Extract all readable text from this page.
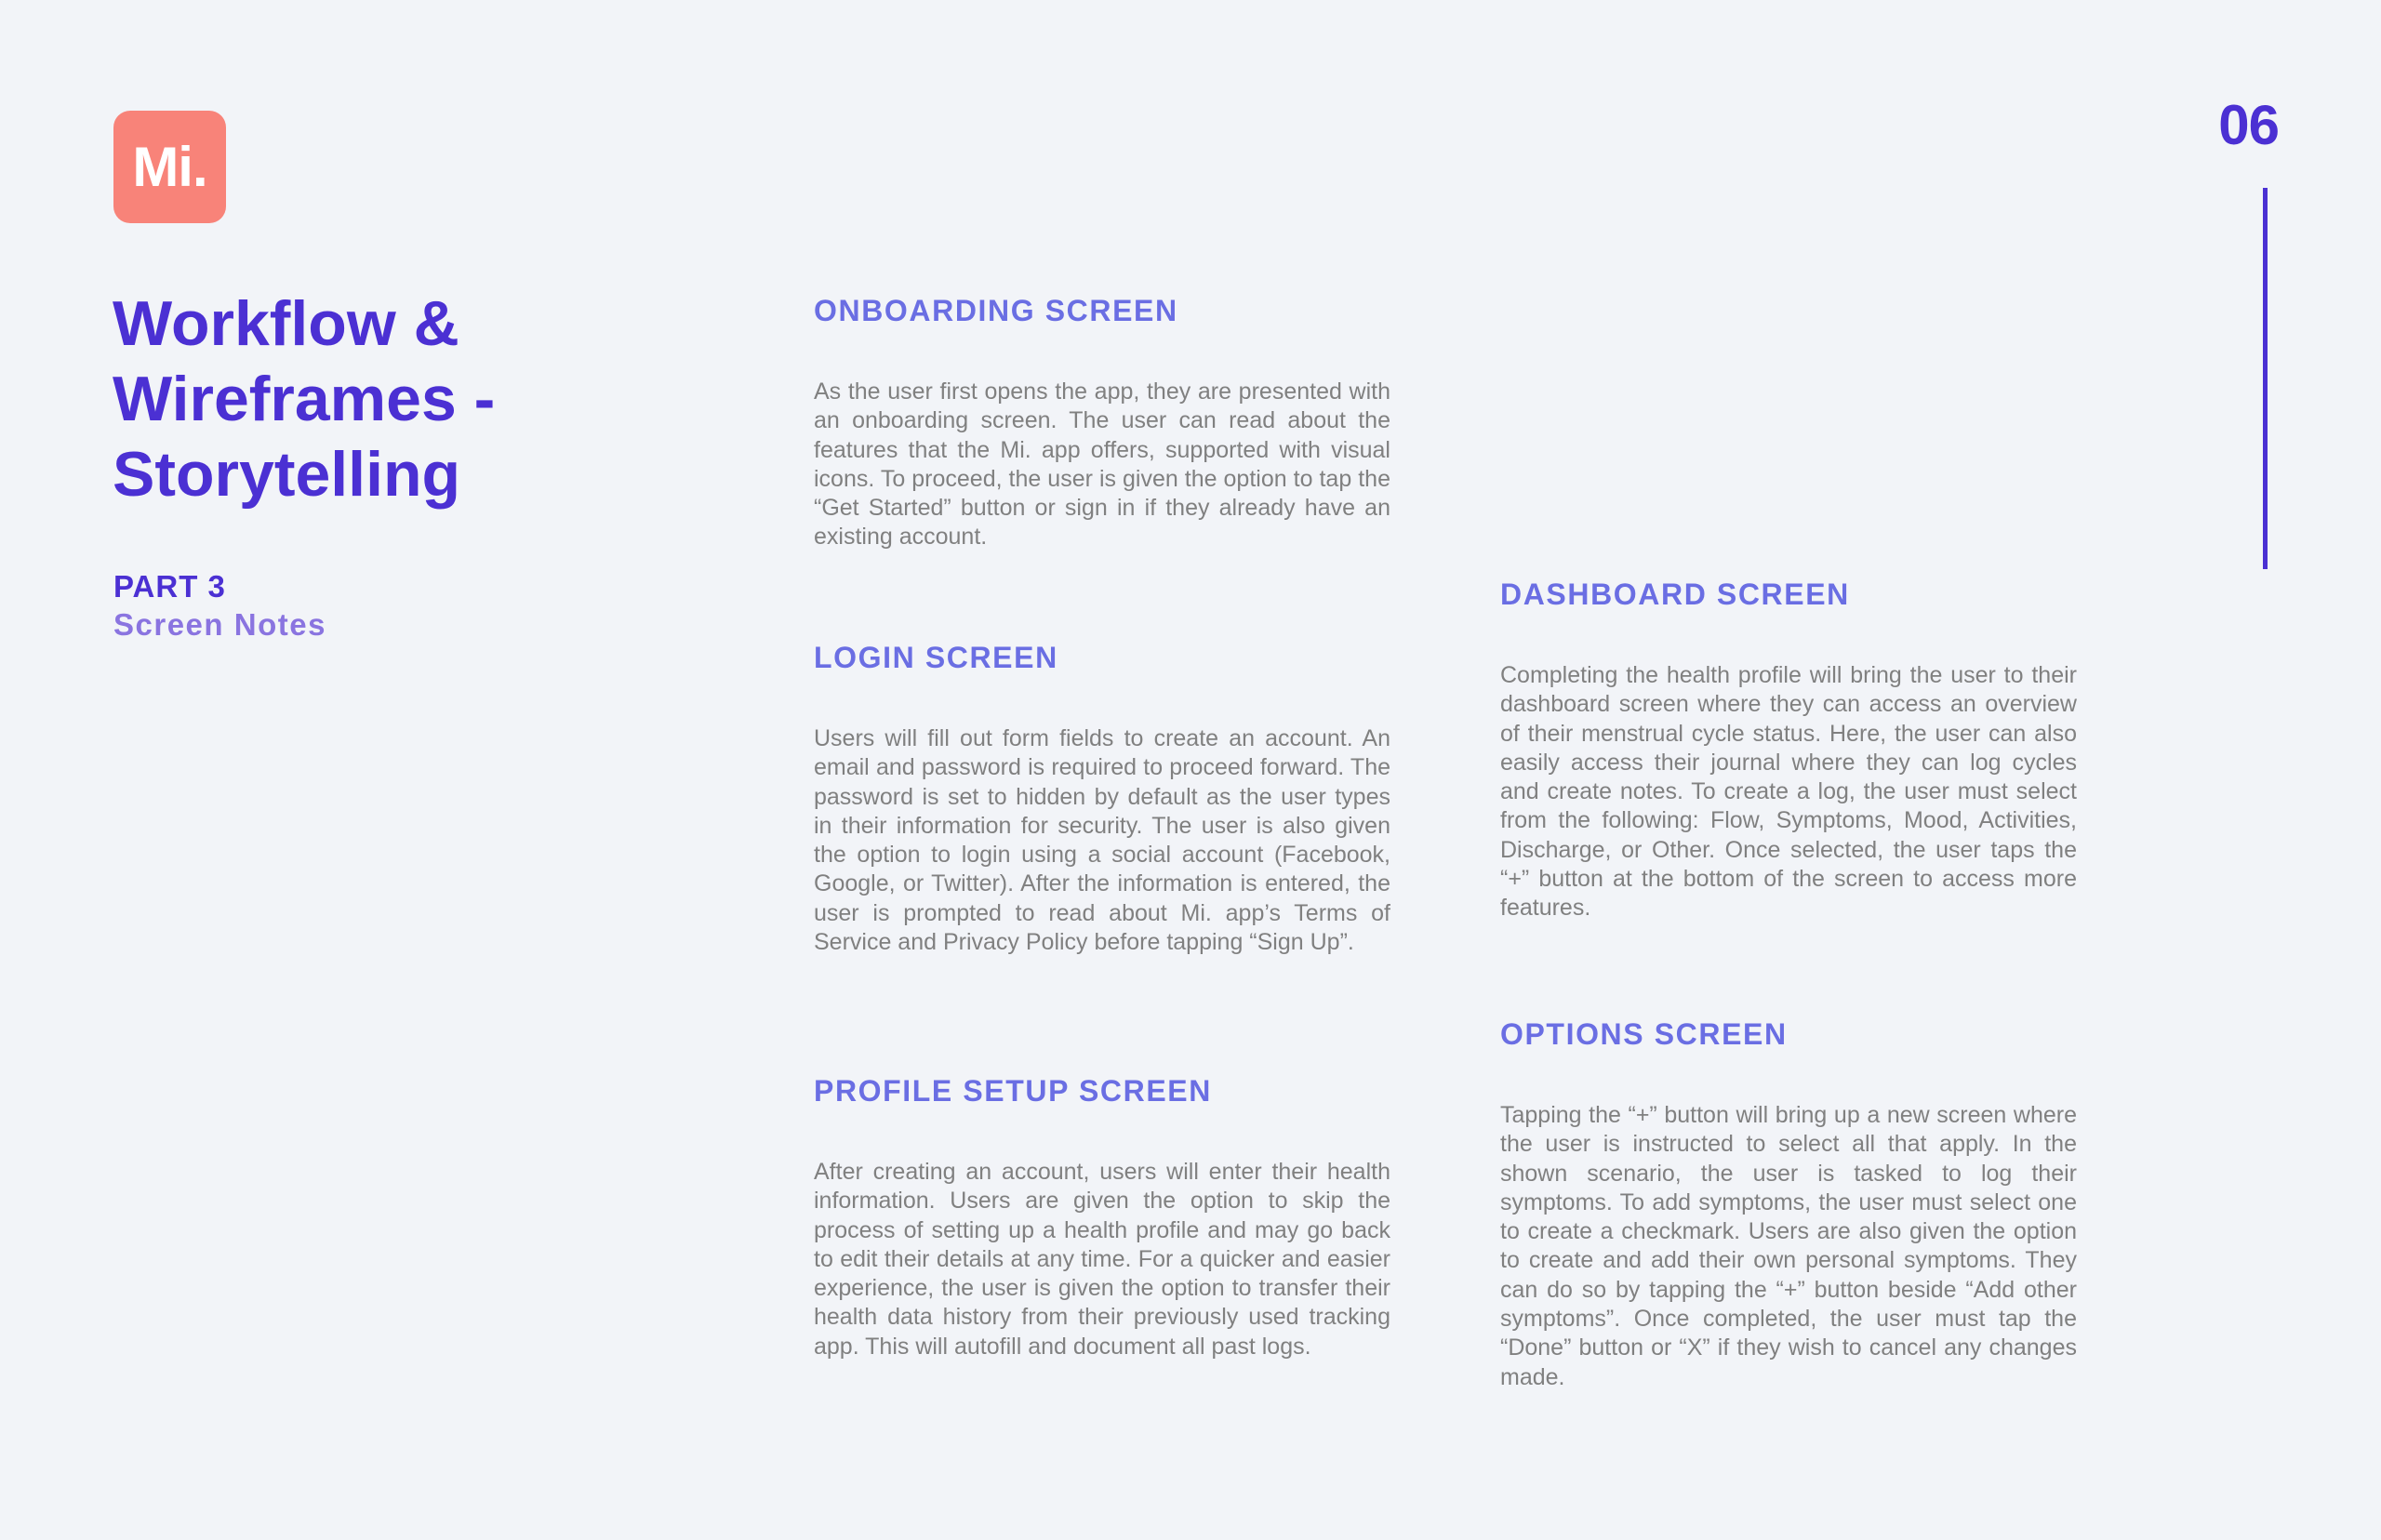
Mi.
06
Workflow & Wireframes - Storytelling
PART 3
Screen Notes
ONBOARDING SCREEN

As the user first opens the app, they are presented with an onboarding screen. The user can read about the features that the Mi. app offers, supported with visual icons. To proceed, the user is given the option to tap the “Get Started” button or sign in if they already have an existing account.

LOGIN SCREEN

Users will fill out form fields to create an account. An email and password is required to proceed forward. The password is set to hidden by default as the user types in their information for security. The user is also given the option to login using a social account (Facebook, Google, or Twitter). After the information is entered, the user is prompted to read about Mi. app’s Terms of Service and Privacy Policy before tapping “Sign Up”.

PROFILE SETUP SCREEN

After creating an account, users will enter their health information. Users are given the option to skip the process of setting up a health profile and may go back to edit their details at any time. For a quicker and easier experience, the user is given the option to transfer their health data history from their previously used tracking app. This will autofill and document all past logs.

DASHBOARD SCREEN

Completing the health profile will bring the user to their dashboard screen where they can access an overview of their menstrual cycle status. Here, the user can also easily access their journal where they can log cycles and create notes. To create a log, the user must select from the following: Flow, Symptoms, Mood, Activities, Discharge, or Other. Once selected, the user taps the “+” button at the bottom of the screen to access more features.

OPTIONS SCREEN

Tapping the “+” button will bring up a new screen where the user is instructed to select all that apply. In the shown scenario, the user is tasked to log their symptoms. To add symptoms, the user must select one to create a checkmark. Users are also given the option to create and add their own personal symptoms. They can do so by tapping the “+” button beside “Add other symptoms”. Once completed, the user must tap the “Done” button or “X” if they wish to cancel any changes made.
